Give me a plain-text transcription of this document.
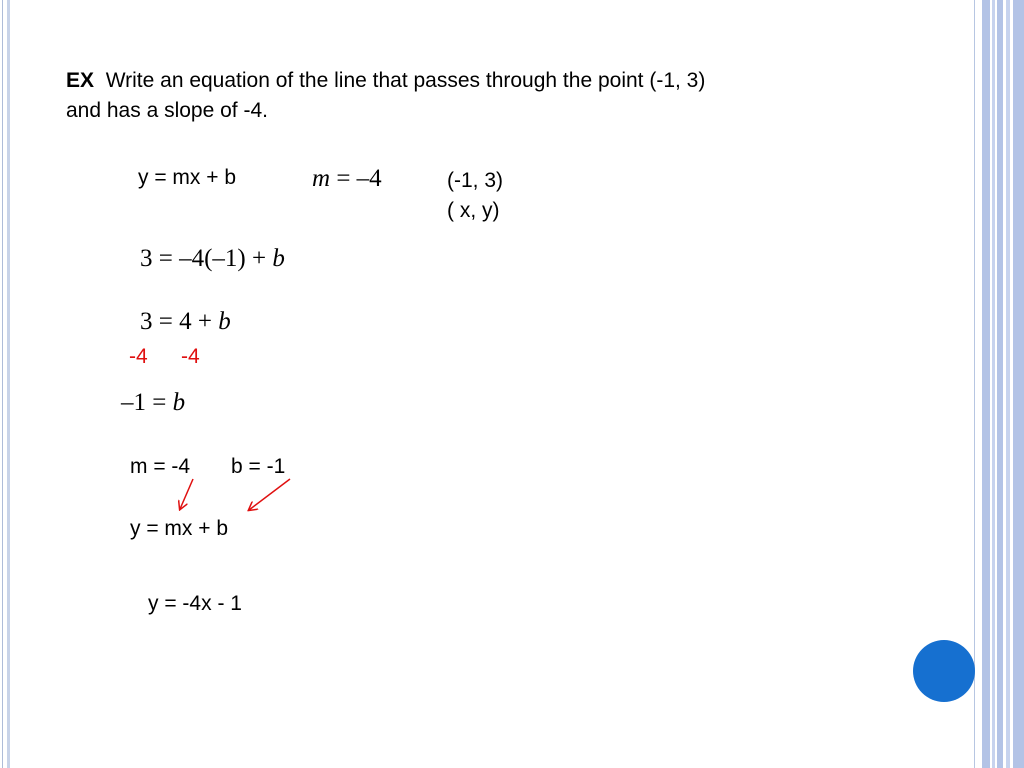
EX Write an equation of the line that passes through the point (-1, 3)
and has a slope of -4.
y = mx + b	m = –4	(-1, 3)
( x, y)
3 = –4(–1) + b
3 = 4 + b
-4 -4
–1 = b
m = -4 b = -1
y = mx + b
y = -4x - 1
